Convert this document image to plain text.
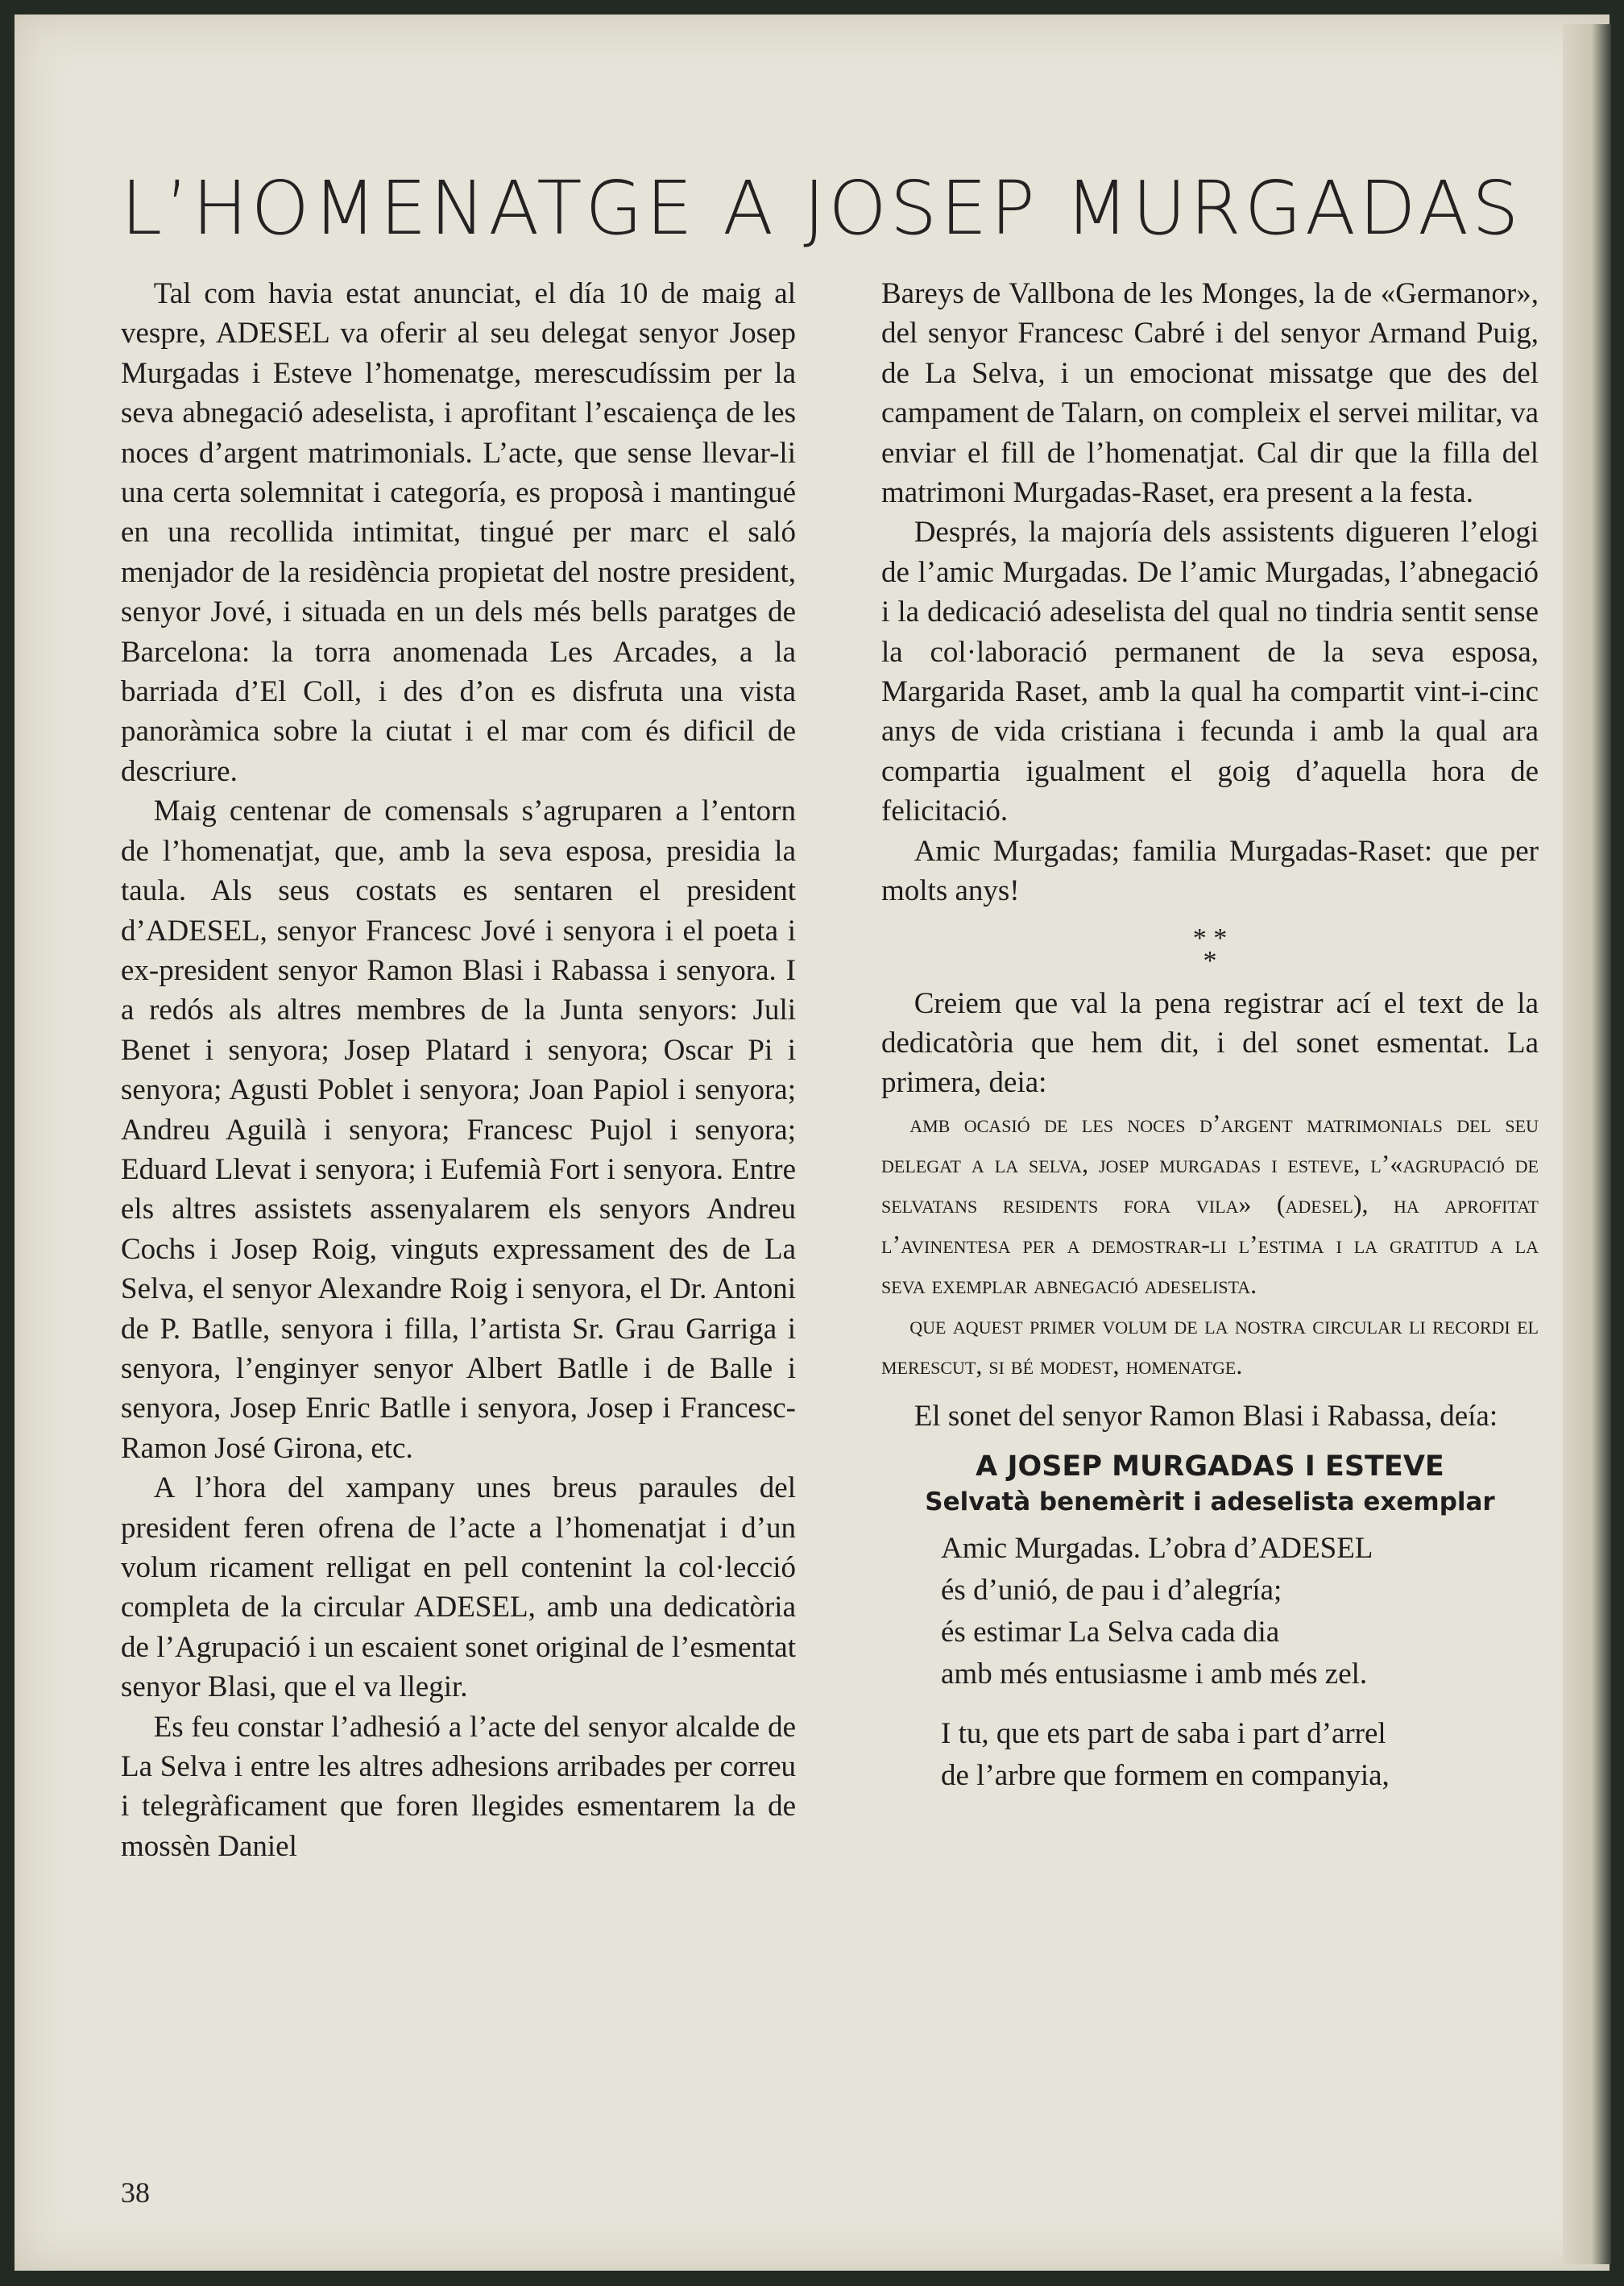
L’HOMENATGE A JOSEP MURGADAS

Tal com havia estat anunciat, el día 10 de maig al vespre, ADESEL va oferir al seu delegat senyor Josep Murgadas i Esteve l’homenatge, merescudíssim per la seva abnegació adeselista, i aprofitant l’escaiença de les noces d’argent matrimonials. L’acte, que sense llevar-li una certa solemnitat i categoría, es proposà i mantingué en una recollida intimitat, tingué per marc el saló menjador de la residència propietat del nostre president, senyor Jové, i situada en un dels més bells paratges de Barcelona: la torra anomenada Les Arcades, a la barriada d’El Coll, i des d’on es disfruta una vista panoràmica sobre la ciutat i el mar com és dificil de descriure.

Maig centenar de comensals s’agruparen a l’entorn de l’homenatjat, que, amb la seva esposa, presidia la taula. Als seus costats es sentaren el president d’ADESEL, senyor Francesc Jové i senyora i el poeta i ex-president senyor Ramon Blasi i Rabassa i senyora. I a redós als altres membres de la Junta senyors: Juli Benet i senyora; Josep Platard i senyora; Oscar Pi i senyora; Agusti Poblet i senyora; Joan Papiol i senyora; Andreu Aguilà i senyora; Francesc Pujol i senyora; Eduard Llevat i senyora; i Eufemià Fort i senyora. Entre els altres assistets assenyalarem els senyors Andreu Cochs i Josep Roig, vinguts expressament des de La Selva, el senyor Alexandre Roig i senyora, el Dr. Antoni de P. Batlle, senyora i filla, l’artista Sr. Grau Garriga i senyora, l’enginyer senyor Albert Batlle i de Balle i senyora, Josep Enric Batlle i senyora, Josep i Francesc-Ramon José Girona, etc.

A l’hora del xampany unes breus paraules del president feren ofrena de l’acte a l’homenatjat i d’un volum ricament relligat en pell contenint la col·lecció completa de la circular ADESEL, amb una dedicatòria de l’Agrupació i un escaient sonet original de l’esmentat senyor Blasi, que el va llegir.

Es feu constar l’adhesió a l’acte del senyor alcalde de La Selva i entre les altres adhesions arribades per correu i telegràficament que foren llegides esmentarem la de mossèn Daniel

Bareys de Vallbona de les Monges, la de «Germanor», del senyor Francesc Cabré i del senyor Armand Puig, de La Selva, i un emocionat missatge que des del campament de Talarn, on compleix el servei militar, va enviar el fill de l’homenatjat. Cal dir que la filla del matrimoni Murgadas-Raset, era present a la festa.

Després, la majoría dels assistents digueren l’elogi de l’amic Murgadas. De l’amic Murgadas, l’abnegació i la dedicació adeselista del qual no tindria sentit sense la col·laboració permanent de la seva esposa, Margarida Raset, amb la qual ha compartit vint-i-cinc anys de vida cristiana i fecunda i amb la qual ara compartia igualment el goig d’aquella hora de felicitació.

Amic Murgadas; familia Murgadas-Raset: que per molts anys!

* *
*

Creiem que val la pena registrar ací el text de la dedicatòria que hem dit, i del sonet esmentat. La primera, deia:

amb ocasió de les noces d’argent matrimonials del seu delegat a la selva, josep murgadas i esteve, l’«agrupació de selvatans residents fora vila» (adesel), ha aprofitat l’avinentesa per a demostrar-li l’estima i la gratitud a la seva exemplar abnegació adeselista.

que aquest primer volum de la nostra circular li recordi el merescut, si bé modest, homenatge.

El sonet del senyor Ramon Blasi i Rabassa, deía:

A JOSEP MURGADAS I ESTEVE
Selvatà benemèrit i adeselista exemplar
Amic Murgadas. L’obra d’ADESEL
és d’unió, de pau i d’alegría;
és estimar La Selva cada dia
amb més entusiasme i amb més zel.
I tu, que ets part de saba i part d’arrel
de l’arbre que formem en companyia,
38
